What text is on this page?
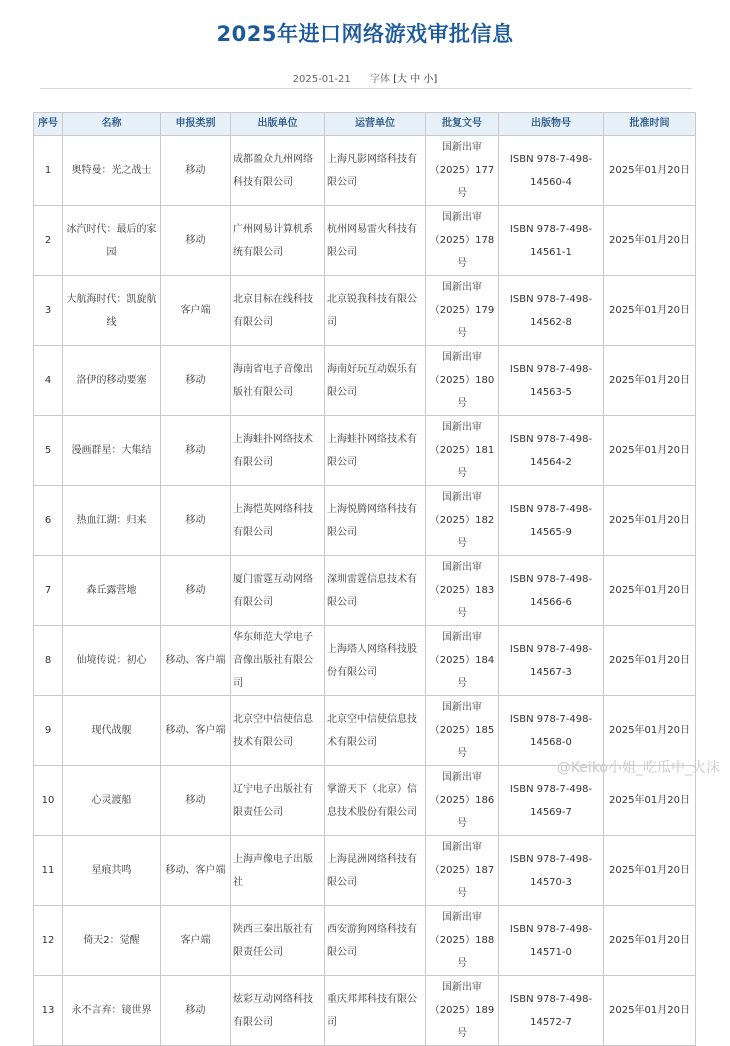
2025年进口网络游戏审批信息
2025-01-21 字体 [大 中 小]
序号	名称	申报类别	出版单位	运营单位	批复文号	出版物号	批准时间
1	奥特曼：光之战士	移动	成都盈众九州网络科技有限公司	上海凡影网络科技有限公司	国新出审（2025）177号	ISBN 978-7-498-14560-4	2025年01月20日
2	冰汽时代：最后的家园	移动	广州网易计算机系统有限公司	杭州网易雷火科技有限公司	国新出审（2025）178号	ISBN 978-7-498-14561-1	2025年01月20日
3	大航海时代：凯旋航线	客户端	北京目标在线科技有限公司	北京锐我科技有限公司	国新出审（2025）179号	ISBN 978-7-498-14562-8	2025年01月20日
4	洛伊的移动要塞	移动	海南省电子音像出版社有限公司	海南好玩互动娱乐有限公司	国新出审（2025）180号	ISBN 978-7-498-14563-5	2025年01月20日
5	漫画群星：大集结	移动	上海蛙扑网络技术有限公司	上海蛙扑网络技术有限公司	国新出审（2025）181号	ISBN 978-7-498-14564-2	2025年01月20日
6	热血江湖：归来	移动	上海恺英网络科技有限公司	上海悦腾网络科技有限公司	国新出审（2025）182号	ISBN 978-7-498-14565-9	2025年01月20日
7	森丘露营地	移动	厦门雷霆互动网络有限公司	深圳雷霆信息技术有限公司	国新出审（2025）183号	ISBN 978-7-498-14566-6	2025年01月20日
8	仙境传说：初心	移动、客户端	华东师范大学电子音像出版社有限公司	上海塔人网络科技股份有限公司	国新出审（2025）184号	ISBN 978-7-498-14567-3	2025年01月20日
9	现代战舰	移动、客户端	北京空中信使信息技术有限公司	北京空中信使信息技术有限公司	国新出审（2025）185号	ISBN 978-7-498-14568-0	2025年01月20日
10	心灵渡船	移动	辽宁电子出版社有限责任公司	掌游天下（北京）信息技术股份有限公司	国新出审（2025）186号	ISBN 978-7-498-14569-7	2025年01月20日
11	星痕共鸣	移动、客户端	上海声像电子出版社	上海昆洲网络科技有限公司	国新出审（2025）187号	ISBN 978-7-498-14570-3	2025年01月20日
12	倚天2：觉醒	客户端	陕西三秦出版社有限责任公司	西安游狗网络科技有限公司	国新出审（2025）188号	ISBN 978-7-498-14571-0	2025年01月20日
13	永不言弃：镜世界	移动	炫彩互动网络科技有限公司	重庆邦邦科技有限公司	国新出审（2025）189号	ISBN 978-7-498-14572-7	2025年01月20日
@Keiko小姐_吃瓜中_火沫
